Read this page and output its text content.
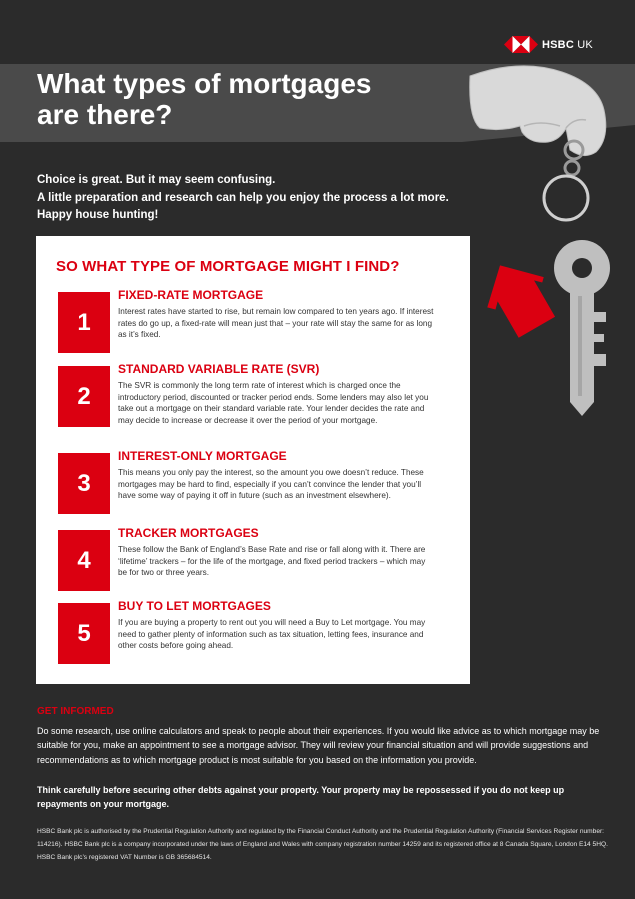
HSBC UK
What types of mortgages
are there?
Choice is great. But it may seem confusing.
A little preparation and research can help you enjoy the process a lot more.
Happy house hunting!
SO WHAT TYPE OF MORTGAGE MIGHT I FIND?
1
FIXED-RATE MORTGAGE
Interest rates have started to rise, but remain low compared to ten years ago. If interest rates do go up, a fixed-rate will mean just that – your rate will stay the same for as long as it’s fixed.
2
STANDARD VARIABLE RATE (SVR)
The SVR is commonly the long term rate of interest which is charged once the introductory period, discounted or tracker period ends. Some lenders may also let you take out a mortgage on their standard variable rate. Your lender decides the rate and may decide to increase or decrease it over the period of your mortgage.
3
INTEREST-ONLY MORTGAGE
This means you only pay the interest, so the amount you owe doesn’t reduce. These mortgages may be hard to find, especially if you can’t convince the lender that you’ll have some way of paying it off in future (such as an investment elsewhere).
4
TRACKER MORTGAGES
These follow the Bank of England’s Base Rate and rise or fall along with it. There are ‘lifetime’ trackers – for the life of the mortgage, and fixed period trackers – which may be for two or three years.
5
BUY TO LET MORTGAGES
If you are buying a property to rent out you will need a Buy to Let mortgage. You may need to gather plenty of information such as tax situation, letting fees, insurance and other costs before going ahead.
GET INFORMED

Do some research, use online calculators and speak to people about their experiences. If you would like advice as to which mortgage may be suitable for you, make an appointment to see a mortgage advisor. They will review your financial situation and will provide suggestions and recommendations as to which mortgage product is most suitable for you based on the information you provide.

Think carefully before securing other debts against your property. Your property may be repossessed if you do not keep up repayments on your mortgage.

HSBC Bank plc is authorised by the Prudential Regulation Authority and regulated by the Financial Conduct Authority and the Prudential Regulation Authority (Financial Services Register number: 114216). HSBC Bank plc is a company incorporated under the laws of England and Wales with company registration number 14259 and its registered office at 8 Canada Square, London E14 5HQ. HSBC Bank plc’s registered VAT Number is GB 365684514.
